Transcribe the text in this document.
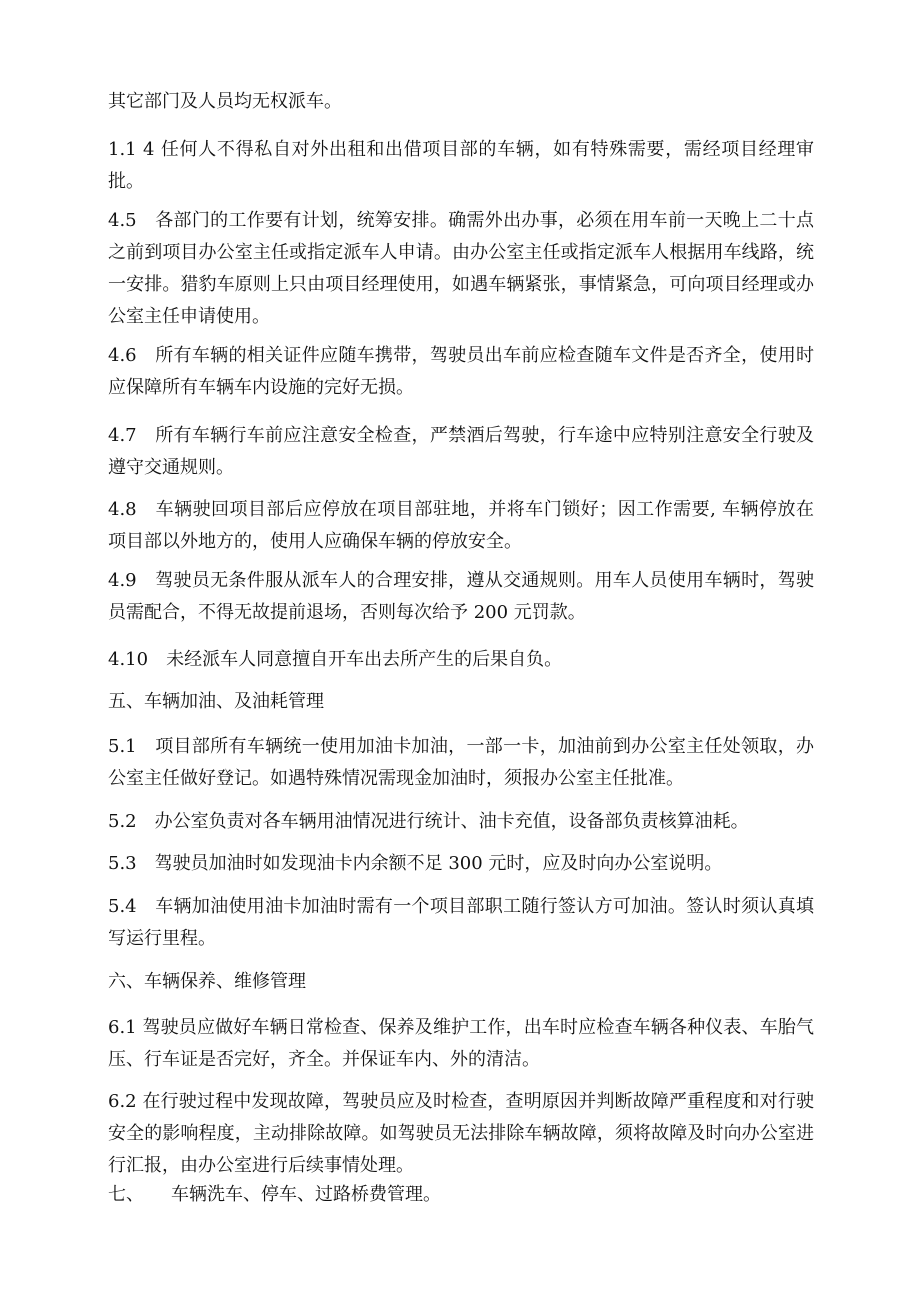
其它部门及人员均无权派车。

1.1 4 任何人不得私自对外出租和出借项目部的车辆，如有特殊需要，需经项目经理审批。

4.5　各部门的工作要有计划，统筹安排。确需外出办事，必须在用车前一天晚上二十点之前到项目办公室主任或指定派车人申请。由办公室主任或指定派车人根据用车线路，统一安排。猎豹车原则上只由项目经理使用，如遇车辆紧张，事情紧急，可向项目经理或办公室主任申请使用。

4.6　所有车辆的相关证件应随车携带，驾驶员出车前应检查随车文件是否齐全，使用时应保障所有车辆车内设施的完好无损。

4.7　所有车辆行车前应注意安全检查，严禁酒后驾驶，行车途中应特别注意安全行驶及遵守交通规则。

4.8　车辆驶回项目部后应停放在项目部驻地，并将车门锁好；因工作需要, 车辆停放在项目部以外地方的，使用人应确保车辆的停放安全。

4.9　驾驶员无条件服从派车人的合理安排，遵从交通规则。用车人员使用车辆时，驾驶员需配合，不得无故提前退场，否则每次给予 200 元罚款。

4.10　未经派车人同意擅自开车出去所产生的后果自负。

五、车辆加油、及油耗管理

5.1　项目部所有车辆统一使用加油卡加油，一部一卡，加油前到办公室主任处领取，办公室主任做好登记。如遇特殊情况需现金加油时，须报办公室主任批准。

5.2　办公室负责对各车辆用油情况进行统计、油卡充值，设备部负责核算油耗。

5.3　驾驶员加油时如发现油卡内余额不足 300 元时，应及时向办公室说明。

5.4　车辆加油使用油卡加油时需有一个项目部职工随行签认方可加油。签认时须认真填写运行里程。

六、车辆保养、维修管理

6.1 驾驶员应做好车辆日常检查、保养及维护工作，出车时应检查车辆各种仪表、车胎气压、行车证是否完好，齐全。并保证车内、外的清洁。

6.2 在行驶过程中发现故障，驾驶员应及时检查，查明原因并判断故障严重程度和对行驶安全的影响程度，主动排除故障。如驾驶员无法排除车辆故障，须将故障及时向办公室进行汇报，由办公室进行后续事情处理。

七、　　车辆洗车、停车、过路桥费管理。
